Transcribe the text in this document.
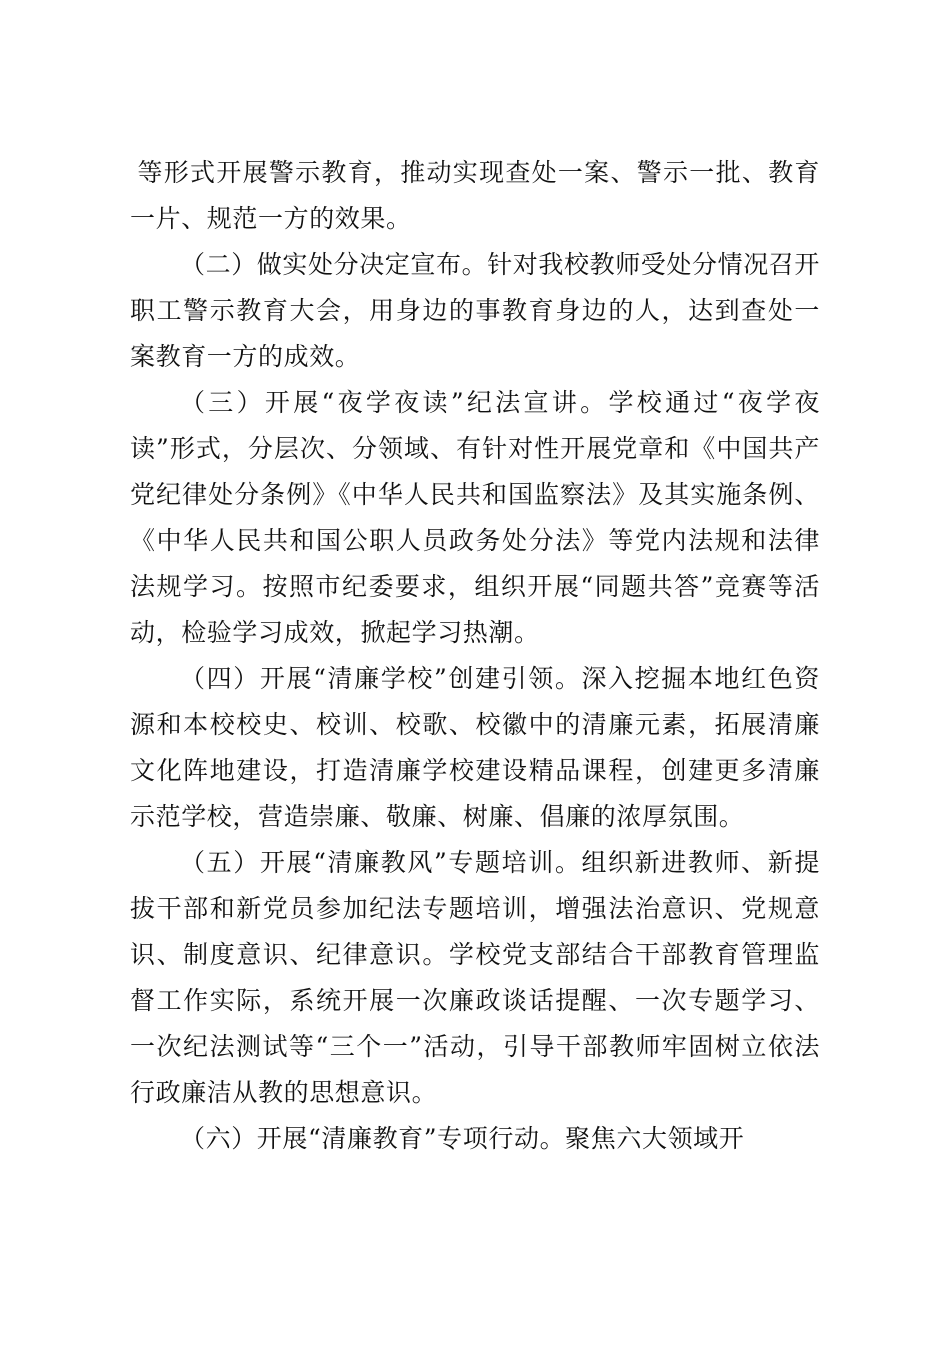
等形式开展警示教育，推动实现查处一案、警示一批、教育一片、规范一方的效果。

（二）做实处分决定宣布。针对我校教师受处分情况召开职工警示教育大会，用身边的事教育身边的人，达到查处一案教育一方的成效。

（三）开展“夜学夜读”纪法宣讲。学校通过“夜学夜读”形式，分层次、分领域、有针对性开展党章和《中国共产党纪律处分条例》《中华人民共和国监察法》及其实施条例、《中华人民共和国公职人员政务处分法》等党内法规和法律法规学习。按照市纪委要求，组织开展“同题共答”竞赛等活动，检验学习成效，掀起学习热潮。

（四）开展“清廉学校”创建引领。深入挖掘本地红色资源和本校校史、校训、校歌、校徽中的清廉元素，拓展清廉文化阵地建设，打造清廉学校建设精品课程，创建更多清廉示范学校，营造崇廉、敬廉、树廉、倡廉的浓厚氛围。

（五）开展“清廉教风”专题培训。组织新进教师、新提拔干部和新党员参加纪法专题培训，增强法治意识、党规意识、制度意识、纪律意识。学校党支部结合干部教育管理监督工作实际，系统开展一次廉政谈话提醒、一次专题学习、一次纪法测试等“三个一”活动，引导干部教师牢固树立依法行政廉洁从教的思想意识。

（六）开展“清廉教育”专项行动。聚焦六大领域开
